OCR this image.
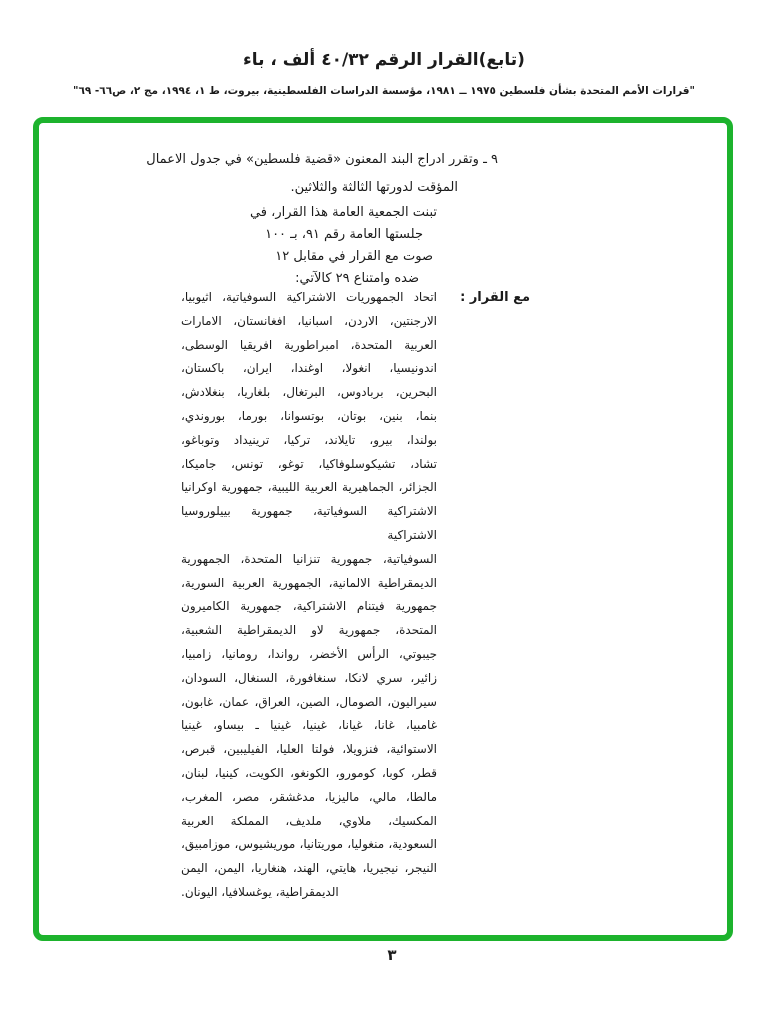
(تابع)القرار الرقم ٤٠/٣٢ ألف ، باء
"قرارات الأمم المتحدة بشأن فلسطين ١٩٧٥ ــ ١٩٨١، مؤسسة الدراسات الفلسطينية، بيروت، ط ١، ١٩٩٤، مج ٢، ص٦٦- ٦٩"
٩ ـ وتقرر ادراج البند المعنون «قضية فلسطين» في جدول الاعمال
المؤقت لدورتها الثالثة والثلاثين.
تبنت الجمعية العامة هذا القرار، في
جلستها العامة رقم ٩١، بـ ١٠٠
صوت مع القرار في مقابل ١٢
ضده وامتناع ٢٩ كالآتي:
مع القرار :
اتحاد الجمهوريات الاشتراكية السوفياتية، اثيوبيا،
الارجنتين، الاردن، اسبانيا، افغانستان، الامارات
العربية المتحدة، امبراطورية افريقيا الوسطى،
اندونيسيا، انغولا، اوغندا، ايران، باكستان،
البحرين، بربادوس، البرتغال، بلغاريا، بنغلادش،
بنما، بنين، بوتان، بوتسوانا، بورما، بوروندي،
بولندا، بيرو، تايلاند، تركيا، ترينيداد وتوباغو،
تشاد، تشيكوسلوفاكيا، توغو، تونس، جاميكا،
الجزائر، الجماهيرية العربية الليبية، جمهورية اوكرانيا
الاشتراكية السوفياتية، جمهورية بييلوروسيا الاشتراكية
السوفياتية، جمهورية تنزانيا المتحدة، الجمهورية
الديمقراطية الالمانية، الجمهورية العربية السورية،
جمهورية فيتنام الاشتراكية، جمهورية الكاميرون
المتحدة، جمهورية لاو الديمقراطية الشعبية،
جيبوتي، الرأس الأخضر، رواندا، رومانيا، زامبيا،
زائير، سري لانكا، سنغافورة، السنغال، السودان،
سيراليون، الصومال، الصين، العراق، عمان، غابون،
غامبيا، غانا، غيانا، غينيا، غينيا ـ بيساو، غينيا
الاستوائية، فنزويلا، فولتا العليا، الفيليبين، قبرص،
قطر، كوبا، كومورو، الكونغو، الكويت، كينيا، لبنان،
مالطا، مالي، ماليزيا، مدغشقر، مصر، المغرب،
المكسيك، ملاوي، ملديف، المملكة العربية
السعودية، منغوليا، موريتانيا، موريشيوس، موزامبيق،
النيجر، نيجيريا، هايتي، الهند، هنغاريا، اليمن، اليمن
الديمقراطية، يوغسلافيا، اليونان.
٣
